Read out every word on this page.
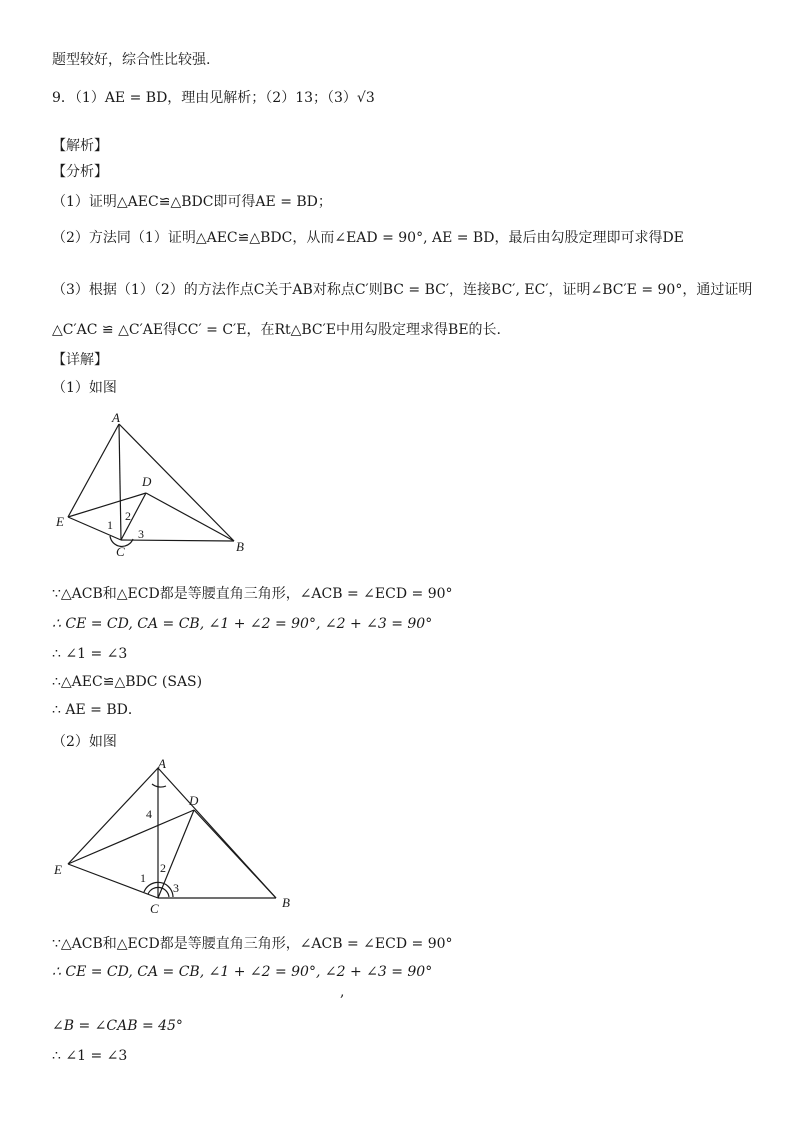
题型较好，综合性比较强.
9．（1）AE = BD，理由见解析；（2）13；（3）√3
【解析】
【分析】
（1）证明△AEC≌△BDC即可得AE = BD；
（2）方法同（1）证明△AEC≌△BDC，从而∠EAD = 90°, AE = BD，最后由勾股定理即可求得DE
（3）根据（1）（2）的方法作点C关于AB对称点C′则BC = BC′，连接BC′, EC′，证明∠BC′E = 90°，通过证明
△C′AC ≌ △C′AE得CC′ = C′E，在Rt△BC′E中用勾股定理求得BE的长.
【详解】
（1）如图
A
D
E
C	B
1
2
3
∵△ACB和△ECD都是等腰直角三角形，∠ACB = ∠ECD = 90°
∴ CE = CD, CA = CB, ∠1 + ∠2 = 90°, ∠2 + ∠3 = 90°
∴ ∠1 = ∠3
∴△AEC≌△BDC (SAS)
∴ AE = BD．
（2）如图
A
D
E
C	B
4
1
2
3
∵△ACB和△ECD都是等腰直角三角形，∠ACB = ∠ECD = 90°
∴ CE = CD, CA = CB, ∠1 + ∠2 = 90°, ∠2 + ∠3 = 90°
,
∠B = ∠CAB = 45°
∴ ∠1 = ∠3
